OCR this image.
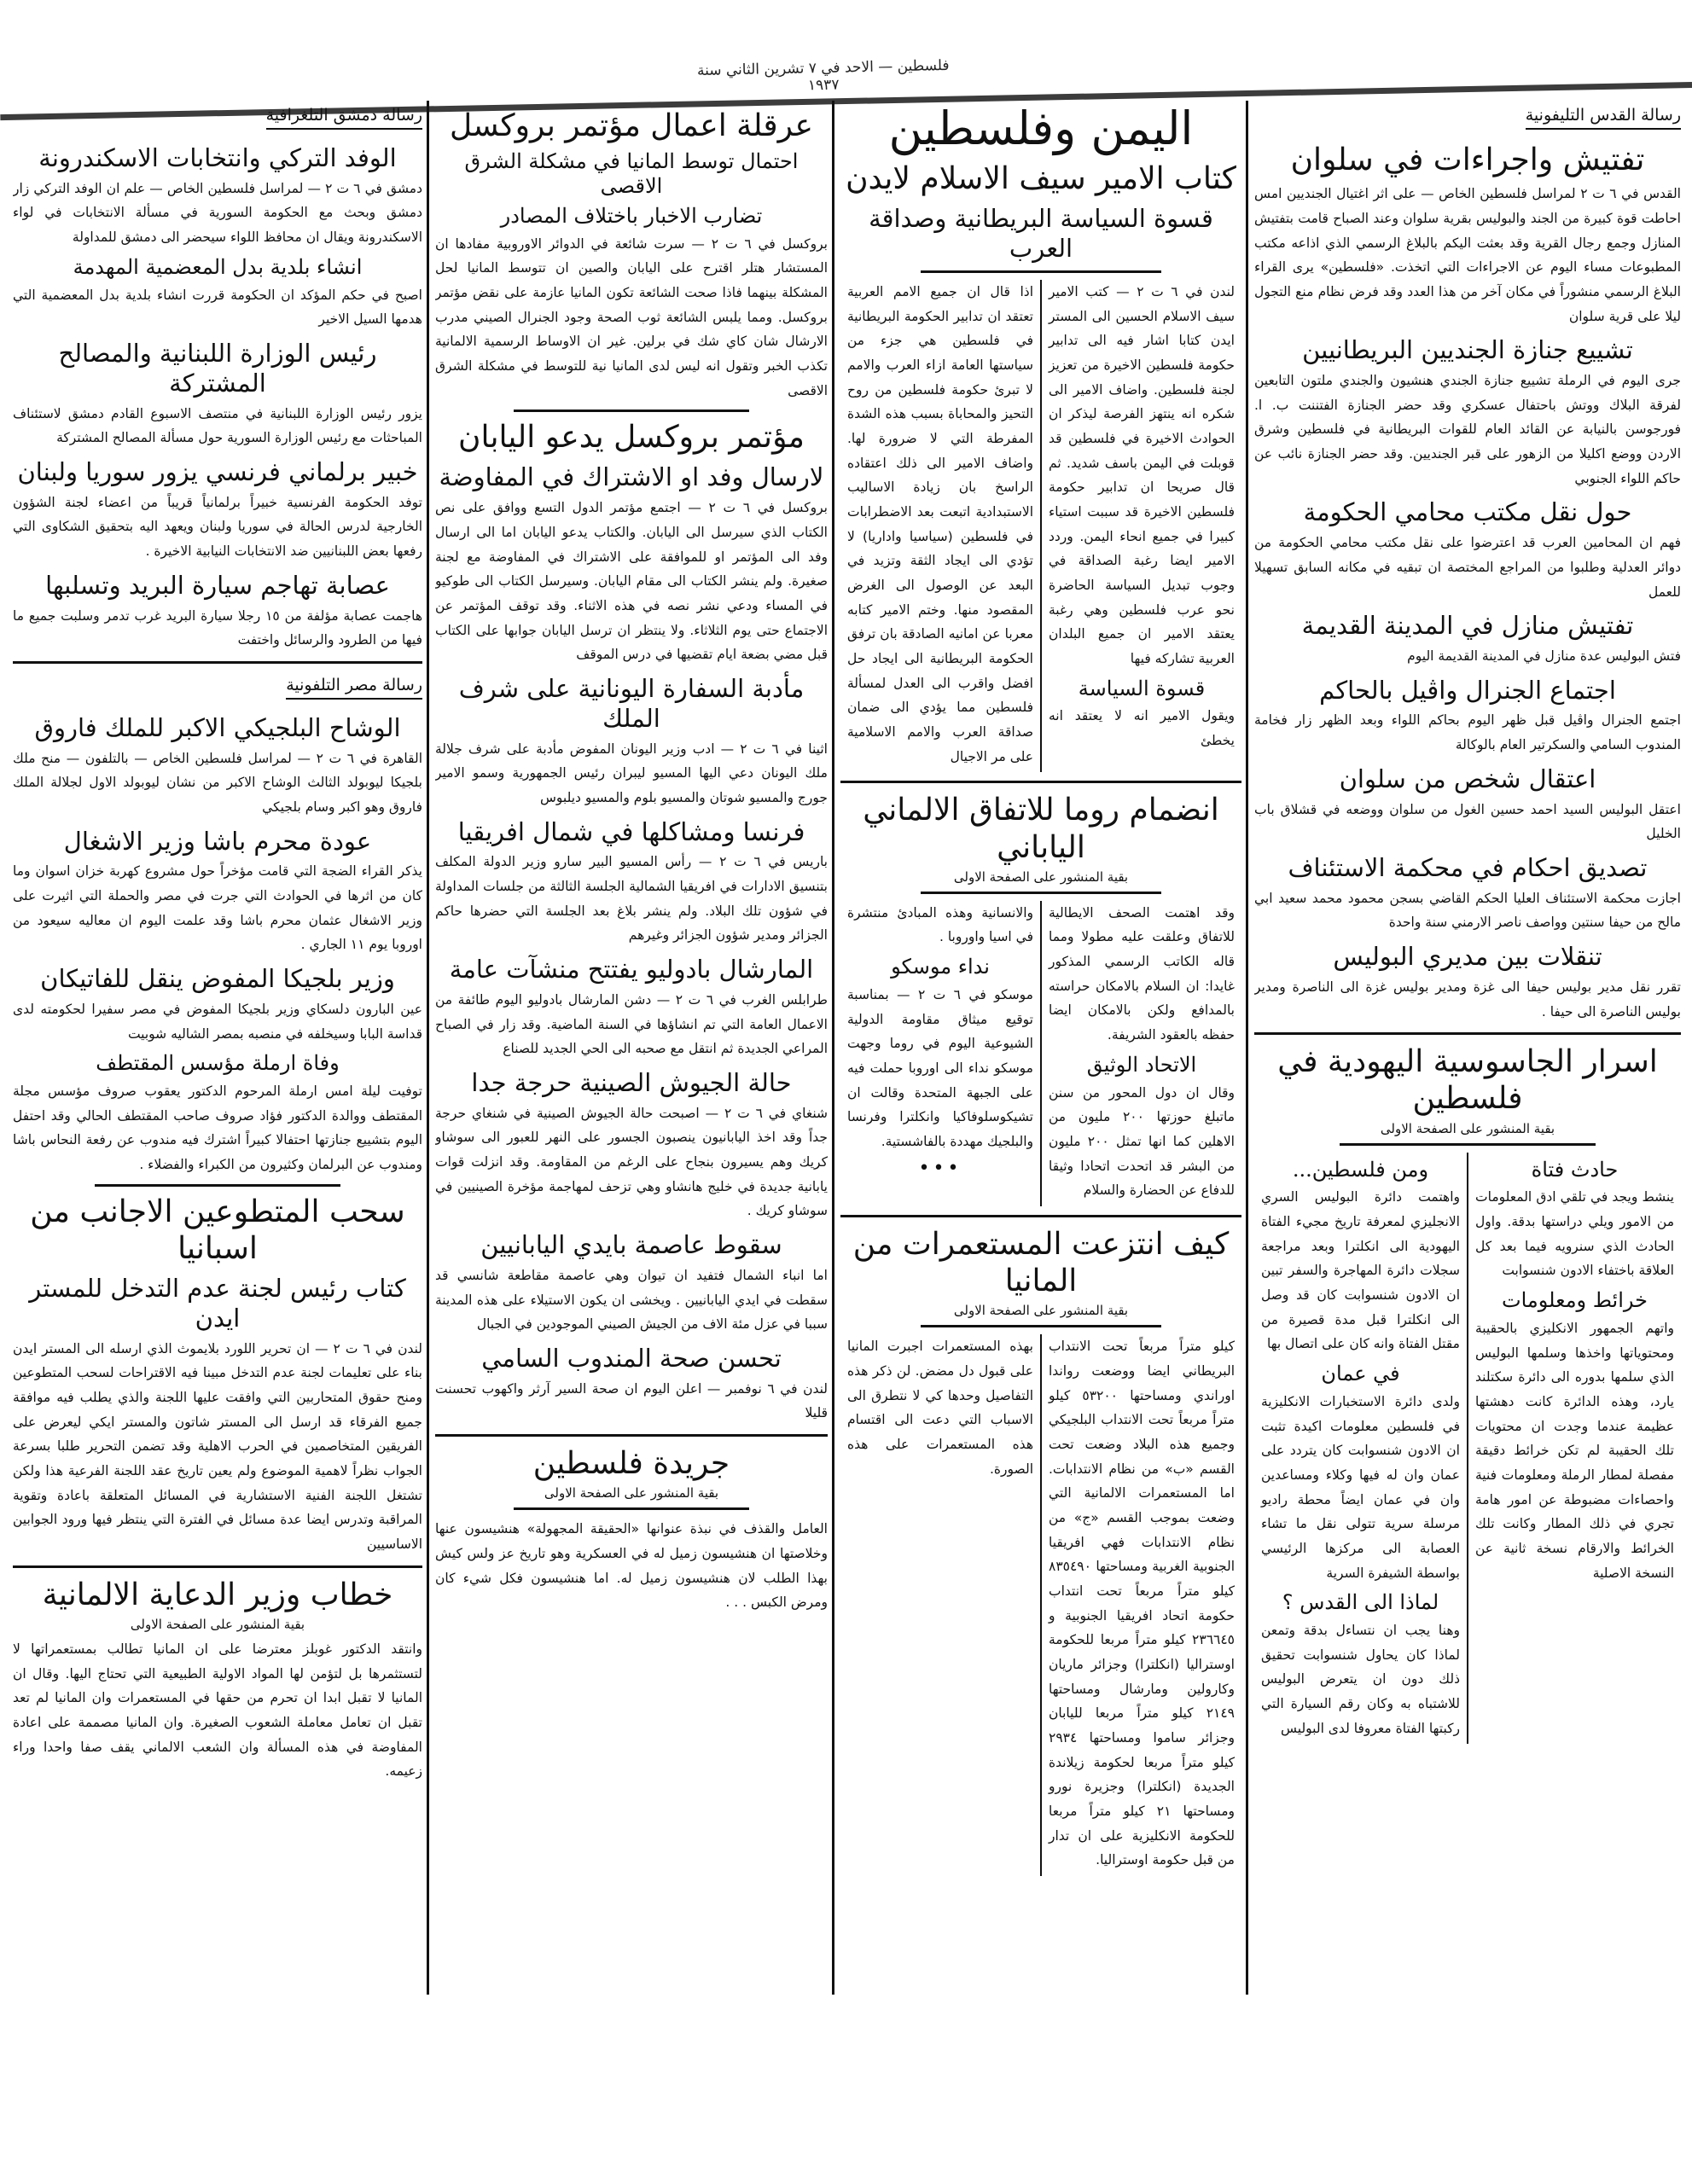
فلسطين — الاحد في ٧ تشرين الثاني سنة ١٩٣٧
رسالة القدس التليفونية
تفتيش واجراءات في سلوان

القدس في ٦ ت ٢ لمراسل فلسطين الخاص — على اثر اغتيال الجنديين امس احاطت قوة كبيرة من الجند والبوليس بقرية سلوان وعند الصباح قامت بتفتيش المنازل وجمع رجال القرية وقد بعثت اليكم بالبلاغ الرسمي الذي اذاعه مكتب المطبوعات مساء اليوم عن الاجراءات التي اتخذت. «فلسطين» يرى القراء البلاغ الرسمي منشوراً في مكان آخر من هذا العدد وقد فرض نظام منع التجول ليلا على قرية سلوان

تشييع جنازة الجنديين البريطانيين

جرى اليوم في الرملة تشييع جنازة الجندي هنشيون والجندي ملتون التابعين لفرقة البلاك ووتش باحتفال عسكري وقد حضر الجنازة الفتننت ب. ا. فورجوسن بالنيابة عن القائد العام للقوات البريطانية في فلسطين وشرق الاردن ووضع اكليلا من الزهور على قبر الجنديين. وقد حضر الجنازة نائب عن حاكم اللواء الجنوبي

حول نقل مكتب محامي الحكومة

فهم ان المحامين العرب قد اعترضوا على نقل مكتب محامي الحكومة من دوائر العدلية وطلبوا من المراجع المختصة ان تبقيه في مكانه السابق تسهيلا للعمل

تفتيش منازل في المدينة القديمة

فتش البوليس عدة منازل في المدينة القديمة اليوم

اجتماع الجنرال واڤيل بالحاكم

اجتمع الجنرال واڤيل قبل ظهر اليوم بحاكم اللواء وبعد الظهر زار فخامة المندوب السامي والسكرتير العام بالوكالة

اعتقال شخص من سلوان

اعتقل البوليس السيد احمد حسين الغول من سلوان ووضعه في قشلاق باب الخليل

تصديق احكام في محكمة الاستئناف

اجازت محكمة الاستئناف العليا الحكم القاضي بسجن محمود محمد سعيد ابي مالح من حيفا سنتين وواصف ناصر الارمني سنة واحدة

تنقلات بين مديري البوليس

تقرر نقل مدير بوليس حيفا الى غزة ومدير بوليس غزة الى الناصرة ومدير بوليس الناصرة الى حيفا .

اسرار الجاسوسية اليهودية في فلسطين
بقية المنشور على الصفحة الاولى
حادث فتاة

ينشط ويجد في تلقي ادق المعلومات من الامور ويلي دراستها بدقة. واول الحادث الذي سنرويه فيما بعد كل العلاقة باختفاء الادون شنسوابت

خرائط ومعلومات

واتهم الجمهور الانكليزي بالحقيبة ومحتوياتها واخذها وسلمها البوليس الذي سلمها بدوره الى دائرة سكتلند يارد، وهذه الدائرة كانت دهشتها عظيمة عندما وجدت ان محتويات تلك الحقيبة لم تكن خرائط دقيقة مفصلة لمطار الرملة ومعلومات فنية واحصاءات مضبوطة عن امور هامة تجري في ذلك المطار وكانت تلك الخرائط والارقام نسخة ثانية عن النسخة الاصلية

ومن فلسطين...

واهتمت دائرة البوليس السري الانجليزي لمعرفة تاريخ مجيء الفتاة اليهودية الى انكلترا وبعد مراجعة سجلات دائرة المهاجرة والسفر تبين ان الادون شنسوابت كان قد وصل الى انكلترا قبل مدة قصيرة من مقتل الفتاة وانه كان على اتصال بها

في عمان

ولدى دائرة الاستخبارات الانكليزية في فلسطين معلومات اكيدة تثبت ان الادون شنسوابت كان يتردد على عمان وان له فيها وكلاء ومساعدين وان في عمان ايضاً محطة راديو مرسلة سرية تتولى نقل ما تشاء العصابة الى مركزها الرئيسي بواسطة الشيفرة السرية

لماذا الى القدس ؟

وهنا يجب ان نتساءل بدقة وتمعن لماذا كان يحاول شنسوابت تحقيق ذلك دون ان يتعرض البوليس للاشتباه به وكان رقم السيارة التي ركبتها الفتاة معروفا لدى البوليس

اليمن وفلسطين
كتاب الامير سيف الاسلام لايدن
قسوة السياسة البريطانية وصداقة العرب

لندن في ٦ ت ٢ — كتب الامير سيف الاسلام الحسين الى المستر ايدن كتابا اشار فيه الى تدابير حكومة فلسطين الاخيرة من تعزيز لجنة فلسطين. واضاف الامير الى شكره انه ينتهز الفرصة ليذكر ان الحوادث الاخيرة في فلسطين قد قوبلت في اليمن باسف شديد. ثم قال صريحا ان تدابير حكومة فلسطين الاخيرة قد سببت استياء كبيرا في جميع انحاء اليمن. وردد الامير ايضا رغبة الصداقة في وجوب تبديل السياسة الحاضرة نحو عرب فلسطين وهي رغبة يعتقد الامير ان جميع البلدان العربية تشاركه فيها

قسوة السياسة

ويقول الامير انه لا يعتقد انه يخطئ

اذا قال ان جميع الامم العربية تعتقد ان تدابير الحكومة البريطانية في فلسطين هي جزء من سياستها العامة ازاء العرب والامم لا تبرئ حكومة فلسطين من روح التحيز والمحاباة بسبب هذه الشدة المفرطة التي لا ضرورة لها. واضاف الامير الى ذلك اعتقاده الراسخ بان زيادة الاساليب الاستبدادية اتبعت بعد الاضطرابات في فلسطين (سياسيا واداريا) لا تؤدي الى ايجاد الثقة وتزيد في البعد عن الوصول الى الغرض المقصود منها. وختم الامير كتابه معربا عن امانيه الصادقة بان ترفق الحكومة البريطانية الى ايجاد حل افضل واقرب الى العدل لمسألة فلسطين مما يؤدي الى ضمان صداقة العرب والامم الاسلامية على مر الاجيال

انضمام روما للاتفاق الالماني الياباني
بقية المنشور على الصفحة الاولى

وقد اهتمت الصحف الايطالية للاتفاق وعلقت عليه مطولا ومما قاله الكاتب الرسمي المذكور غايدا: ان السلام بالامكان حراسته بالمدافع ولكن بالامكان ايضا حفظه بالعقود الشريفة.

الاتحاد الوثيق

وقال ان دول المحور من سنن ماتبلغ حوزتها ٢٠٠ مليون من الاهلين كما انها تمثل ٢٠٠ مليون من البشر قد اتحدت اتحادا وثيقا للدفاع عن الحضارة والسلام

والانسانية وهذه المبادئ منتشرة في اسيا واوروبا .

نداء موسكو

موسكو في ٦ ت ٢ — بمناسبة توقيع ميثاق مقاومة الدولية الشيوعية اليوم في روما وجهت موسكو نداء الى اوروبا حملت فيه على الجبهة المتحدة وقالت ان تشيكوسلوفاكيا وانكلترا وفرنسا والبلجيك مهددة بالفاشستية.

•••
كيف انتزعت المستعمرات من المانيا
بقية المنشور على الصفحة الاولى

كيلو متراً مربعاً تحت الانتداب البريطاني ايضا ووضعت رواندا اوراندي ومساحتها ٥٣٢٠٠ كيلو متراً مربعاً تحت الانتداب البلجيكي وجميع هذه البلاد وضعت تحت القسم «ب» من نظام الانتدابات. اما المستعمرات الالمانية التي وضعت بموجب القسم «ج» من نظام الانتدابات فهي افريقيا الجنوبية الغربية ومساحتها ٨٣٥٤٩٠ كيلو متراً مربعاً تحت انتداب حكومة اتحاد افريقيا الجنوبية و ٢٣٦٦٤٥ كيلو متراً مربعا للحكومة اوستراليا (انكلترا) وجزائر ماريان وكارولين ومارشال ومساحتها ٢١٤٩ كيلو متراً مربعا لليابان وجزائر ساموا ومساحتها ٢٩٣٤ كيلو متراً مربعا لحكومة زيلاندة الجديدة (انكلترا) وجزيرة نورو ومساحتها ٢١ كيلو متراً مربعا للحكومة الانكليزية على ان تدار من قبل حكومة اوستراليا.

بهذه المستعمرات اجبرت المانيا على قبول دل مضض. لن ذكر هذه التفاصيل وحدها كي لا نتطرق الى الاسباب التي دعت الى اقتسام هذه المستعمرات على هذه الصورة.

عرقلة اعمال مؤتمر بروكسل
احتمال توسط المانيا في مشكلة الشرق الاقصى
تضارب الاخبار باختلاف المصادر

بروكسل في ٦ ت ٢ — سرت شائعة في الدوائر الاوروبية مفادها ان المستشار هتلر اقترح على اليابان والصين ان تتوسط المانيا لحل المشكلة بينهما فاذا صحت الشائعة تكون المانيا عازمة على نقض مؤتمر بروكسل. ومما يلبس الشائعة ثوب الصحة وجود الجنرال الصيني مدرب الارشال شان كاي شك في برلين. غير ان الاوساط الرسمية الالمانية تكذب الخبر وتقول انه ليس لدى المانيا نية للتوسط في مشكلة الشرق الاقصى

مؤتمر بروكسل يدعو اليابان
لارسال وفد او الاشتراك في المفاوضة

بروكسل في ٦ ت ٢ — اجتمع مؤتمر الدول التسع ووافق على نص الكتاب الذي سيرسل الى اليابان. والكتاب يدعو اليابان اما الى ارسال وفد الى المؤتمر او للموافقة على الاشتراك في المفاوضة مع لجنة صغيرة. ولم ينشر الكتاب الى مقام اليابان. وسيرسل الكتاب الى طوكيو في المساء ودعي نشر نصه في هذه الاثناء. وقد توقف المؤتمر عن الاجتماع حتى يوم الثلاثاء. ولا ينتظر ان ترسل اليابان جوابها على الكتاب قبل مضي بضعة ايام تقضيها في درس الموقف

مأدبة السفارة اليونانية على شرف الملك

اثينا في ٦ ت ٢ — ادب وزير اليونان المفوض مأدبة على شرف جلالة ملك اليونان دعي اليها المسيو ليبران رئيس الجمهورية وسمو الامير جورج والمسيو شوتان والمسيو بلوم والمسيو ديلبوس

فرنسا ومشاكلها في شمال افريقيا

باريس في ٦ ت ٢ — رأس المسيو البير سارو وزير الدولة المكلف بتنسيق الادارات في افريقيا الشمالية الجلسة الثالثة من جلسات المداولة في شؤون تلك البلاد. ولم ينشر بلاغ بعد الجلسة التي حضرها حاكم الجزائر ومدير شؤون الجزائر وغيرهم

المارشال بادوليو يفتتح منشآت عامة

طرابلس الغرب في ٦ ت ٢ — دشن المارشال بادوليو اليوم طائفة من الاعمال العامة التي تم انشاؤها في السنة الماضية. وقد زار في الصباح المراعي الجديدة ثم انتقل مع صحبه الى الحي الجديد للصناع

حالة الجيوش الصينية حرجة جدا

شنغاي في ٦ ت ٢ — اصبحت حالة الجيوش الصينية في شنغاي حرجة جداً وقد اخذ اليابانيون ينصبون الجسور على النهر للعبور الى سوشاو كريك وهم يسيرون بنجاح على الرغم من المقاومة. وقد انزلت قوات يابانية جديدة في خليج هانشاو وهي تزحف لمهاجمة مؤخرة الصينيين في سوشاو كريك .

سقوط عاصمة بايدي اليابانيين

اما انباء الشمال فتفيد ان تيوان وهي عاصمة مقاطعة شانسي قد سقطت في ايدي اليابانيين . ويخشى ان يكون الاستيلاء على هذه المدينة سببا في عزل مئة الاف من الجيش الصيني الموجودين في الجبال

تحسن صحة المندوب السامي

لندن في ٦ نوفمبر — اعلن اليوم ان صحة السير آرثر واكهوب تحسنت قليلا

جريدة فلسطين
بقية المنشور على الصفحة الاولى

العامل والقذف في نبذة عنوانها «الحقيقة المجهولة» هنشيسون عنها وخلاصتها ان هنشيسون زميل له في العسكرية وهو تاريخ عز ولس كيش بهذا الطلب لان هنشيسون زميل له. اما هنشيسون فكل شيء كان ومرض الكبس . . .

رسالة دمشق التلغرافية
الوفد التركي وانتخابات الاسكندرونة

دمشق في ٦ ت ٢ — لمراسل فلسطين الخاص — علم ان الوفد التركي زار دمشق وبحث مع الحكومة السورية في مسألة الانتخابات في لواء الاسكندرونة ويقال ان محافظ اللواء سيحضر الى دمشق للمداولة

انشاء بلدية بدل المعضمية المهدمة

اصبح في حكم المؤكد ان الحكومة قررت انشاء بلدية بدل المعضمية التي هدمها السيل الاخير

رئيس الوزارة اللبنانية والمصالح المشتركة

يزور رئيس الوزارة اللبنانية في منتصف الاسبوع القادم دمشق لاستئناف المباحثات مع رئيس الوزارة السورية حول مسألة المصالح المشتركة

خبير برلماني فرنسي يزور سوريا ولبنان

توفد الحكومة الفرنسية خبيراً برلمانياً قريباً من اعضاء لجنة الشؤون الخارجية لدرس الحالة في سوريا ولبنان ويعهد اليه بتحقيق الشكاوى التي رفعها بعض اللبنانيين ضد الانتخابات النيابية الاخيرة .

عصابة تهاجم سيارة البريد وتسلبها

هاجمت عصابة مؤلفة من ١٥ رجلا سيارة البريد غرب تدمر وسلبت جميع ما فيها من الطرود والرسائل واختفت

رسالة مصر التلفونية
الوشاح البلجيكي الاكبر للملك فاروق

القاهرة في ٦ ت ٢ — لمراسل فلسطين الخاص — بالتلفون — منح ملك بلجيكا ليوبولد الثالث الوشاح الاكبر من نشان ليوبولد الاول لجلالة الملك فاروق وهو اكبر وسام بلجيكي

عودة محرم باشا وزير الاشغال

يذكر القراء الضجة التي قامت مؤخراً حول مشروع كهربة خزان اسوان وما كان من اثرها في الحوادث التي جرت في مصر والحملة التي اثيرت على وزير الاشغال عثمان محرم باشا وقد علمت اليوم ان معاليه سيعود من اوروبا يوم ١١ الجاري .

وزير بلجيكا المفوض ينقل للفاتيكان

عين البارون دلسكاي وزير بلجيكا المفوض في مصر سفيرا لحكومته لدى قداسة البابا وسيخلفه في منصبه بمصر الشاليه شوبيت

وفاة ارملة مؤسس المقتطف

توفيت ليلة امس ارملة المرحوم الدكتور يعقوب صروف مؤسس مجلة المقتطف ووالدة الدكتور فؤاد صروف صاحب المقتطف الحالي وقد احتفل اليوم بتشييع جنازتها احتفالا كبيراً اشترك فيه مندوب عن رفعة النحاس باشا ومندوب عن البرلمان وكثيرون من الكبراء والفضلاء .

سحب المتطوعين الاجانب من اسبانيا
كتاب رئيس لجنة عدم التدخل للمستر ايدن

لندن في ٦ ت ٢ — ان تحرير اللورد بلايموث الذي ارسله الى المستر ايدن بناء على تعليمات لجنة عدم التدخل مبينا فيه الاقتراحات لسحب المتطوعين ومنح حقوق المتحاربين التي وافقت عليها اللجنة والذي يطلب فيه موافقة جميع الفرقاء قد ارسل الى المستر شاتون والمستر ايكي ليعرض على الفريقين المتخاصمين في الحرب الاهلية وقد تضمن التحرير طلبا بسرعة الجواب نظراً لاهمية الموضوع ولم يعين تاريخ عقد اللجنة الفرعية هذا ولكن تشتغل اللجنة الفنية الاستشارية في المسائل المتعلقة باعادة وتقوية المراقبة وتدرس ايضا عدة مسائل في الفترة التي ينتظر فيها ورود الجوابين الاساسيين

خطاب وزير الدعاية الالمانية
بقية المنشور على الصفحة الاولى

وانتقد الدكتور غوبلز معترضا على ان المانيا تطالب بمستعمراتها لا لتستثمرها بل لتؤمن لها المواد الاولية الطبيعية التي تحتاج اليها. وقال ان المانيا لا تقبل ابدا ان تحرم من حقها في المستعمرات وان المانيا لم تعد تقبل ان تعامل معاملة الشعوب الصغيرة. وان المانيا مصممة على اعادة المفاوضة في هذه المسألة وان الشعب الالماني يقف صفا واحدا وراء زعيمه.
